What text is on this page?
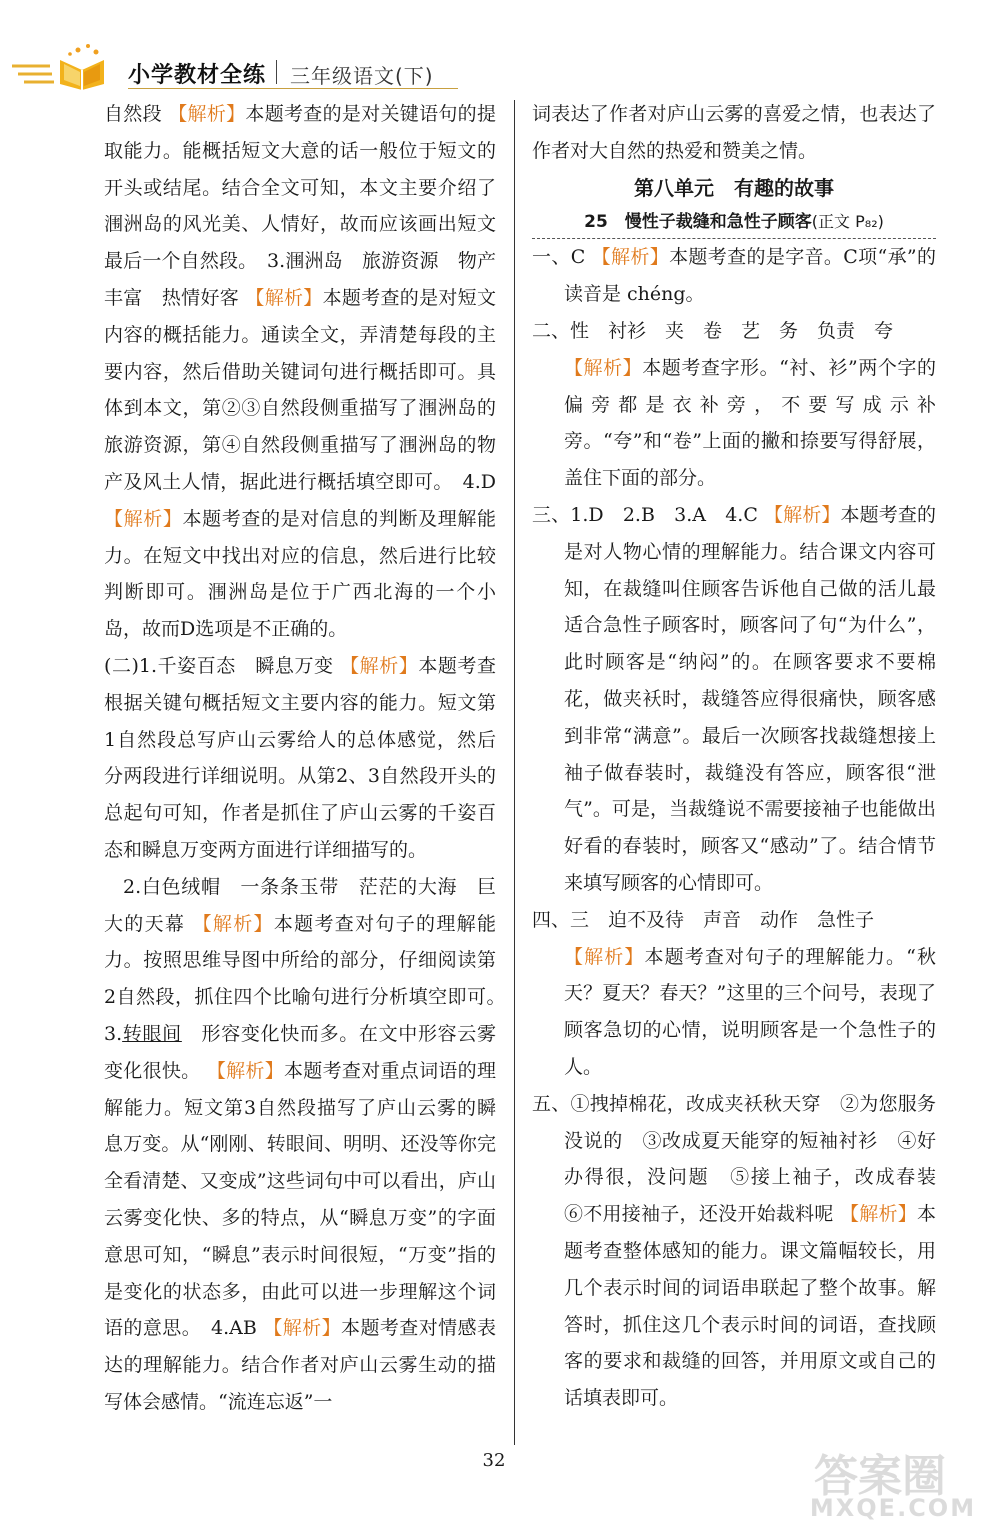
小学教材全练 三年级语文(下)

自然段 【解析】本题考查的是对关键语句的提取能力。能概括短文大意的话一般位于短文的开头或结尾。结合全文可知，本文主要介绍了涠洲岛的风光美、人情好，故而应该画出短文最后一个自然段。　3.涠洲岛　旅游资源　物产丰富　热情好客 【解析】本题考查的是对短文内容的概括能力。通读全文，弄清楚每段的主要内容，然后借助关键词句进行概括即可。具体到本文，第②③自然段侧重描写了涠洲岛的旅游资源，第④自然段侧重描写了涠洲岛的物产及风土人情，据此进行概括填空即可。　4.D 【解析】本题考查的是对信息的判断及理解能力。在短文中找出对应的信息，然后进行比较判断即可。涠洲岛是位于广西北海的一个小岛，故而D选项是不正确的。

(二)1.千姿百态　瞬息万变 【解析】本题考查根据关键句概括短文主要内容的能力。短文第1自然段总写庐山云雾给人的总体感觉，然后分两段进行详细说明。从第2、3自然段开头的总起句可知，作者是抓住了庐山云雾的千姿百态和瞬息万变两方面进行详细描写的。

2.白色绒帽　一条条玉带　茫茫的大海　巨大的天幕 【解析】本题考查对句子的理解能力。按照思维导图中所给的部分，仔细阅读第2自然段，抓住四个比喻句进行分析填空即可。　3.转眼间　形容变化快而多。在文中形容云雾变化很快。 【解析】本题考查对重点词语的理解能力。短文第3自然段描写了庐山云雾的瞬息万变。从“刚刚、转眼间、明明、还没等你完全看清楚、又变成”这些词句中可以看出，庐山云雾变化快、多的特点，从“瞬息万变”的字面意思可知，“瞬息”表示时间很短，“万变”指的是变化的状态多，由此可以进一步理解这个词语的意思。　4.AB 【解析】本题考查对情感表达的理解能力。结合作者对庐山云雾生动的描写体会感情。“流连忘返”一

词表达了作者对庐山云雾的喜爱之情，也表达了作者对大自然的热爱和赞美之情。

第八单元　有趣的故事

25　慢性子裁缝和急性子顾客(正文 P₈₂)

一、C 【解析】本题考查的是字音。C项“承”的读音是 chéng。

二、性　衬衫　夹　卷　艺　务　负责　夸

【解析】本题考查字形。“衬、衫”两个字的偏旁都是衣补旁，不要写成示补旁。“夸”和“卷”上面的撇和捺要写得舒展，盖住下面的部分。

三、1.D　2.B　3.A　4.C 【解析】本题考查的是对人物心情的理解能力。结合课文内容可知，在裁缝叫住顾客告诉他自己做的活儿最适合急性子顾客时，顾客问了句“为什么”，此时顾客是“纳闷”的。在顾客要求不要棉花，做夹袄时，裁缝答应得很痛快，顾客感到非常“满意”。最后一次顾客找裁缝想接上袖子做春装时，裁缝没有答应，顾客很“泄气”。可是，当裁缝说不需要接袖子也能做出好看的春装时，顾客又“感动”了。结合情节来填写顾客的心情即可。

四、三　迫不及待　声音　动作　急性子

【解析】本题考查对句子的理解能力。“秋天？夏天？春天？”这里的三个问号，表现了顾客急切的心情，说明顾客是一个急性子的人。

五、①拽掉棉花，改成夹袄秋天穿　②为您服务没说的　③改成夏天能穿的短袖衬衫　④好办得很，没问题　⑤接上袖子，改成春装　⑥不用接袖子，还没开始裁料呢 【解析】本题考查整体感知的能力。课文篇幅较长，用几个表示时间的词语串联起了整个故事。解答时，抓住这几个表示时间的词语，查找顾客的要求和裁缝的回答，并用原文或自己的话填表即可。

32	答案圈
MXQE.COM
